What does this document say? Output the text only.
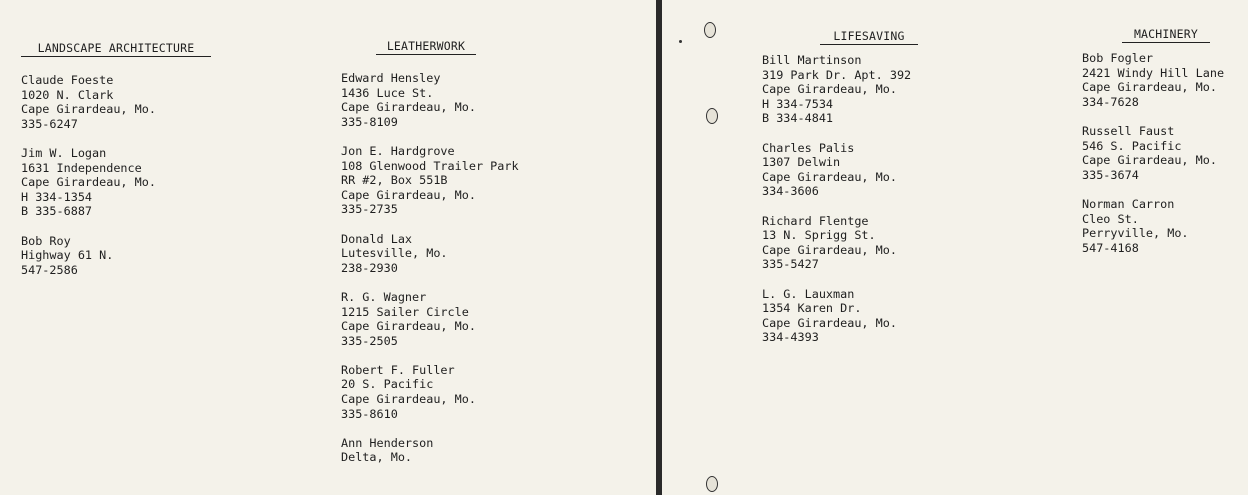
LANDSCAPE ARCHITECTURE
Claude Foeste
1020 N. Clark
Cape Girardeau, Mo.
335-6247
Jim W. Logan
1631 Independence
Cape Girardeau, Mo.
H 334-1354
B 335-6887
Bob Roy
Highway 61 N.
547-2586
LEATHERWORK
Edward Hensley
1436 Luce St.
Cape Girardeau, Mo.
335-8109
Jon E. Hardgrove
108 Glenwood Trailer Park
RR #2, Box 551B
Cape Girardeau, Mo.
335-2735
Donald Lax
Lutesville, Mo.
238-2930
R. G. Wagner
1215 Sailer Circle
Cape Girardeau, Mo.
335-2505
Robert F. Fuller
20 S. Pacific
Cape Girardeau, Mo.
335-8610
Ann Henderson
Delta, Mo.
LIFESAVING
Bill Martinson
319 Park Dr. Apt. 392
Cape Girardeau, Mo.
H 334-7534
B 334-4841
Charles Palis
1307 Delwin
Cape Girardeau, Mo.
334-3606
Richard Flentge
13 N. Sprigg St.
Cape Girardeau, Mo.
335-5427
L. G. Lauxman
1354 Karen Dr.
Cape Girardeau, Mo.
334-4393
MACHINERY
Bob Fogler
2421 Windy Hill Lane
Cape Girardeau, Mo.
334-7628
Russell Faust
546 S. Pacific
Cape Girardeau, Mo.
335-3674
Norman Carron
Cleo St.
Perryville, Mo.
547-4168
